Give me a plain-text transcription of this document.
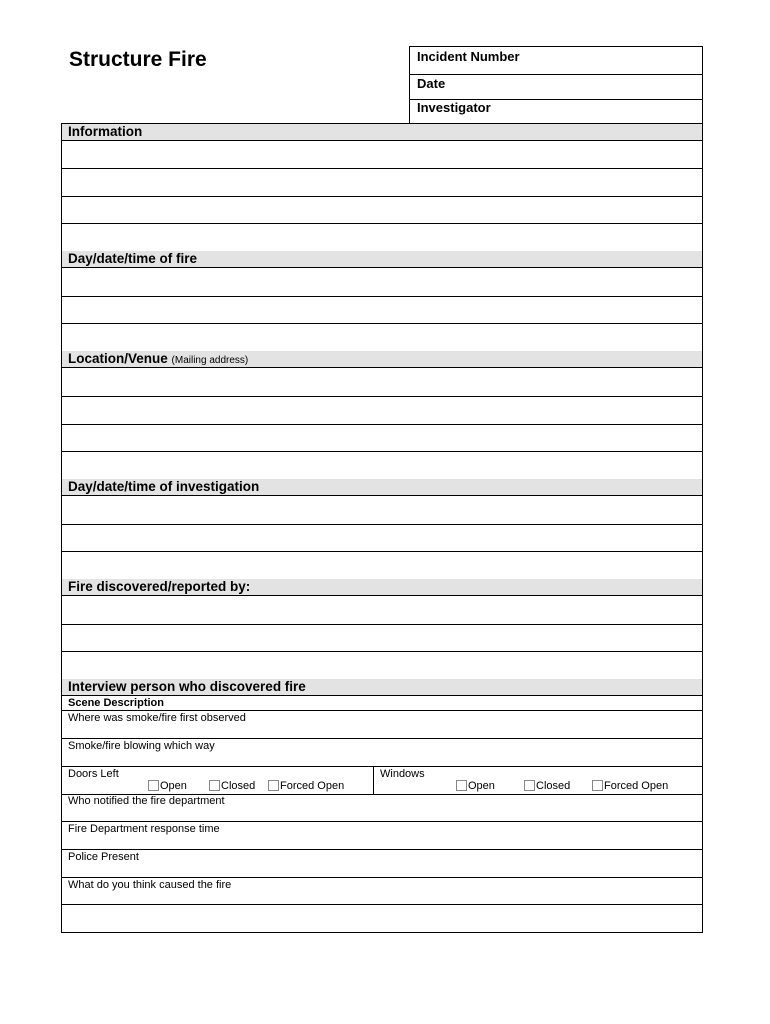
Structure Fire	Incident Number
Date
Investigator
Information
Day/date/time of fire
Location/Venue (Mailing address)
Day/date/time of investigation
Fire discovered/reported by:
Interview person who discovered fire
Scene Description
Where was smoke/fire first observed
Smoke/fire blowing which way
Doors Left
Open	Closed	Forced Open
Windows
Open	Closed	Forced Open
Who notified the fire department
Fire Department response time
Police Present
What do you think caused the fire
